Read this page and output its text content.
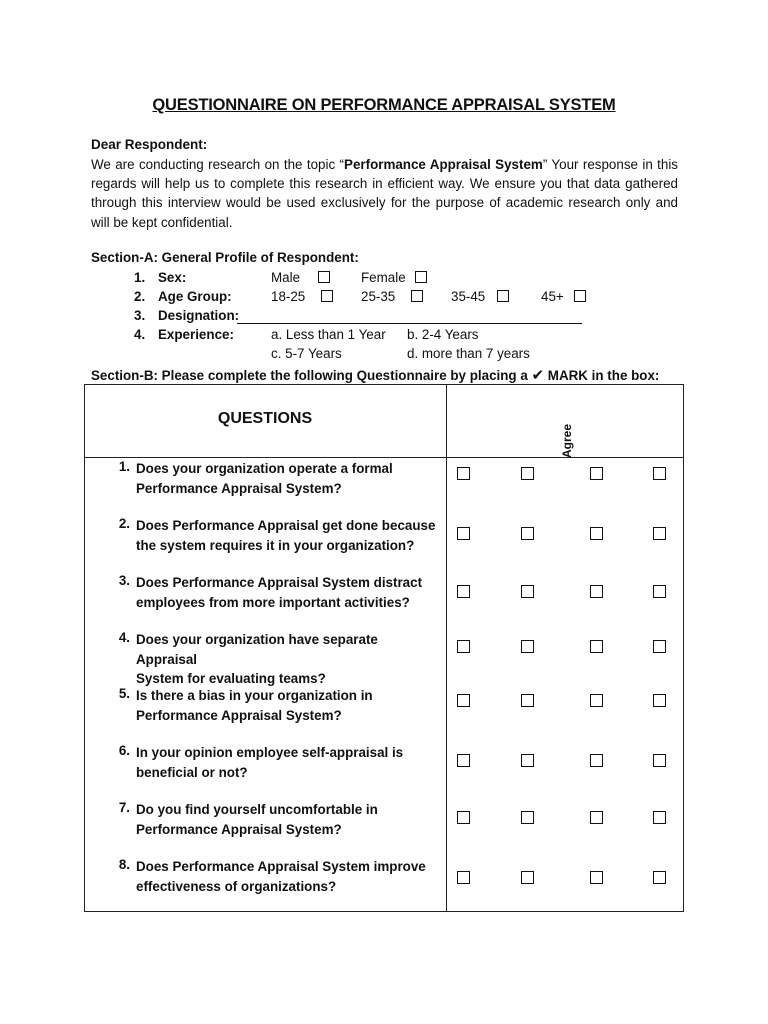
QUESTIONNAIRE ON PERFORMANCE APPRAISAL SYSTEM
Dear Respondent:
We are conducting research on the topic “Performance Appraisal System” Your response in this regards will help us to complete this research in efficient way. We ensure you that data gathered through this interview would be used exclusively for the purpose of academic research only and will be kept confidential.
Section-A: General Profile of Respondent:
1. Sex:	Male	Female
2. Age Group:	18-25	25-35	35-45	45+
3. Designation:
4. Experience:	a. Less than 1 Year b. 2-4 Years
c. 5-7 Years	d. more than 7 years
Section-B: Please complete the following Questionnaire by placing a ✔ MARK in the box:
QUESTIONS
Agree
1. Does your organization operate a formal
Performance Appraisal System?
2. Does Performance Appraisal get done because
the system requires it in your organization?
3. Does Performance Appraisal System distract
employees from more important activities?
4. Does your organization have separate Appraisal
System for evaluating teams?
5. Is there a bias in your organization in
Performance Appraisal System?
6. In your opinion employee self-appraisal is
beneficial or not?
7. Do you find yourself uncomfortable in
Performance Appraisal System?
8. Does Performance Appraisal System improve
effectiveness of organizations?
